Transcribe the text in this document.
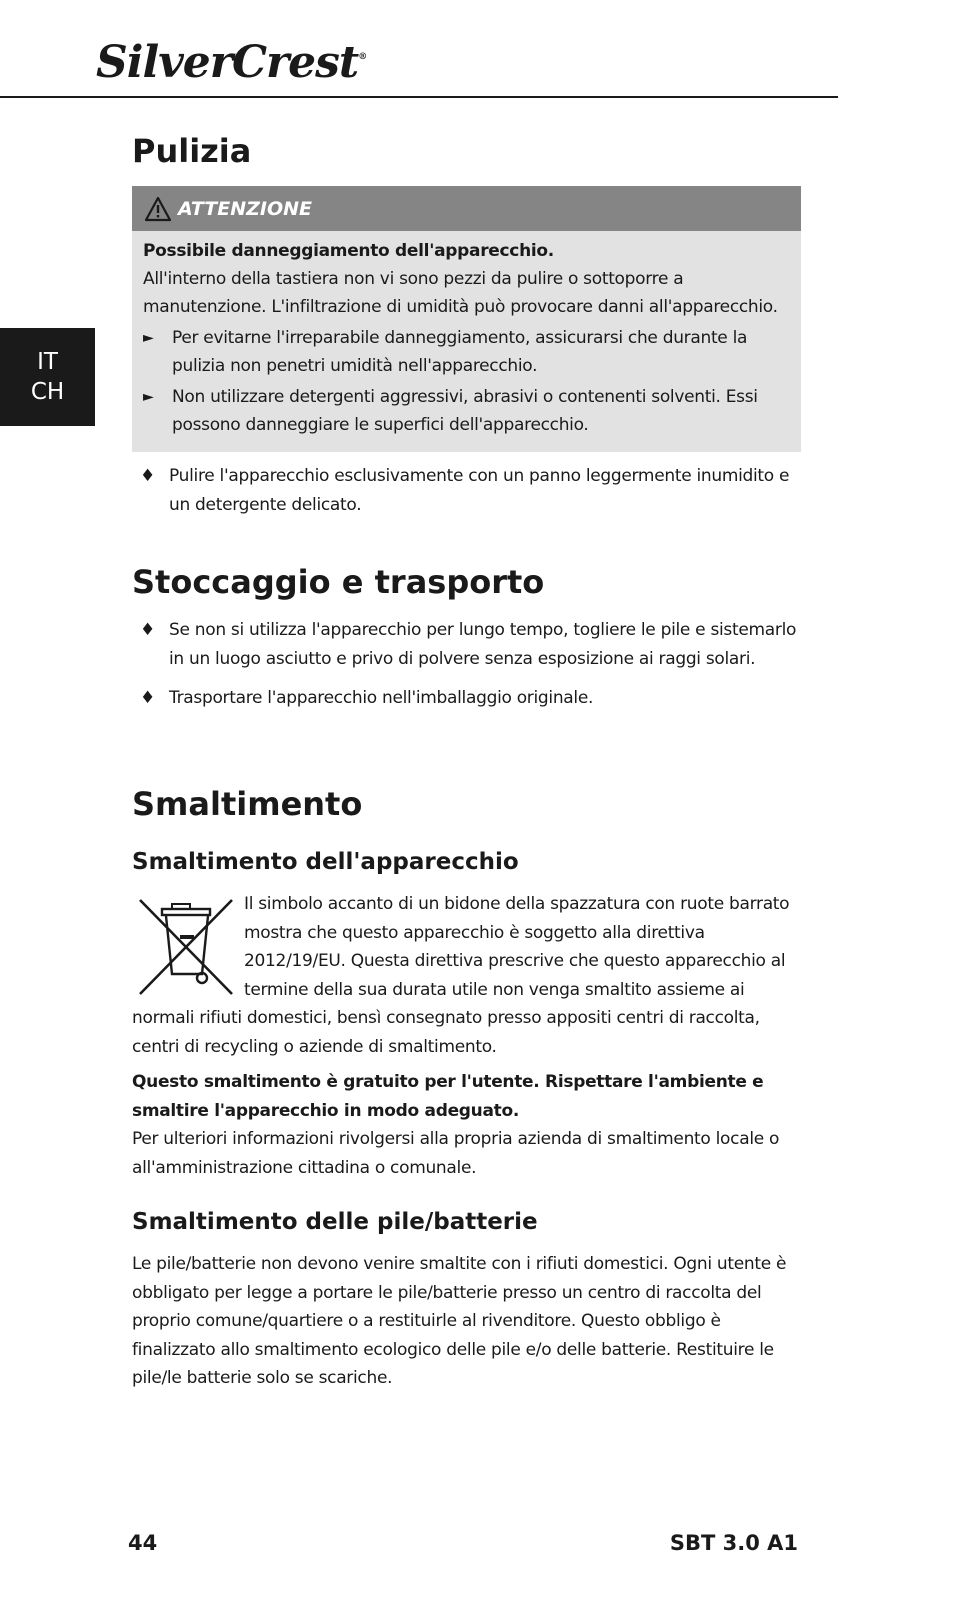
SilverCrest®
IT
CH
Pulizia
ATTENZIONE
Possibile danneggiamento dell'apparecchio.
All'interno della tastiera non vi sono pezzi da pulire o sottoporre a manutenzione. L'infiltrazione di umidità può provocare danni all'apparecchio.
►	Per evitarne l'irreparabile danneggiamento, assicurarsi che durante la pulizia non penetri umidità nell'apparecchio.
►	Non utilizzare detergenti aggressivi, abrasivi o contenenti solventi. Essi possono danneggiare le superfici dell'apparecchio.
♦ Pulire l'apparecchio esclusivamente con un panno leggermente inumidito e un detergente delicato.
Stoccaggio e trasporto
♦ Se non si utilizza l'apparecchio per lungo tempo, togliere le pile e sistemarlo in un luogo asciutto e privo di polvere senza esposizione ai raggi solari.
♦ Trasportare l'apparecchio nell'imballaggio originale.
Smaltimento
Smaltimento dell'apparecchio
Il simbolo accanto di un bidone della spazzatura con ruote barrato mostra che questo apparecchio è soggetto alla direttiva 2012/19/EU. Questa direttiva prescrive che questo apparecchio al termine della sua durata utile non venga smaltito assieme ai normali rifiuti domestici, bensì consegnato presso appositi centri di raccolta, centri di recycling o aziende di smaltimento.
Questo smaltimento è gratuito per l'utente. Rispettare l'ambiente e smaltire l'apparecchio in modo adeguato.
Per ulteriori informazioni rivolgersi alla propria azienda di smaltimento locale o all'amministrazione cittadina o comunale.
Smaltimento delle pile/batterie
Le pile/batterie non devono venire smaltite con i rifiuti domestici. Ogni utente è obbligato per legge a portare le pile/batterie presso un centro di raccolta del proprio comune/quartiere o a restituirle al rivenditore. Questo obbligo è finalizzato allo smaltimento ecologico delle pile e/o delle batterie. Restituire le pile/le batterie solo se scariche.
44	SBT 3.0 A1
